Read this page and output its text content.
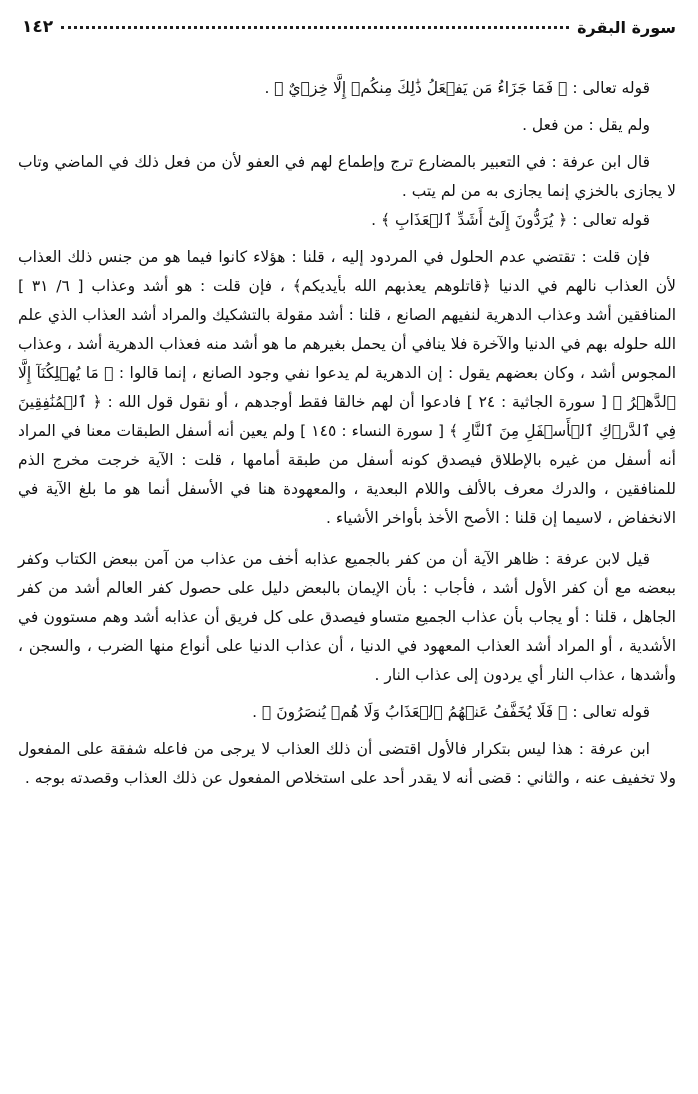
سورة البقرة
١٤٢

قوله تعالى : ﴿ فَمَا جَزَاءُ مَن يَفۡعَلُ ذَٰلِكَ مِنكُمۡ إِلَّا خِزۡيٌ ﴾ .

ولم يقل : من فعل .

قال ابن عرفة : في التعبير بالمضارع ترج وإطماع لهم في العفو لأن من فعل ذلك في الماضي وتاب لا يجازى بالخزي إنما يجازى به من لم يتب .

قوله تعالى : ﴿ يُرَدُّونَ إِلَىٰٓ أَشَدِّ ٱلۡعَذَابِ ﴾ .

فإن قلت : تقتضي عدم الحلول في المردود إليه ، قلنا : هؤلاء كانوا فيما هو من جنس ذلك العذاب لأن العذاب نالهم في الدنيا ﴿قاتلوهم يعذبهم الله بأيديكم﴾ ، فإن قلت : هو أشد وعذاب [ ٦/ ٣١ ] المنافقين أشد وعذاب الدهرية لنفيهم الصانع ، قلنا : أشد مقولة بالتشكيك والمراد أشد العذاب الذي علم الله حلوله بهم في الدنيا والآخرة فلا ينافي أن يحمل بغيرهم ما هو أشد منه فعذاب الدهرية أشد ، وعذاب المجوس أشد ، وكان بعضهم يقول : إن الدهرية لم يدعوا نفي وجود الصانع ، إنما قالوا : ﴿ مَا يُهۡلِكُنَآ إِلَّا ٱلدَّهۡرُ ﴾ [ سورة الجاثية : ٢٤ ] فادعوا أن لهم خالقا فقط أوجدهم ، أو نقول قول الله : ﴿ ٱلۡمُنَٰفِقِينَ فِي ٱلدَّرۡكِ ٱلۡأَسۡفَلِ مِنَ ٱلنَّارِ ﴾ [ سورة النساء : ١٤٥ ] ولم يعين أنه أسفل الطبقات معنا في المراد أنه أسفل من غيره بالإطلاق فيصدق كونه أسفل من طبقة أمامها ، قلت : الآية خرجت مخرج الذم للمنافقين ، والدرك معرف بالألف واللام البعدية ، والمعهودة هنا في الأسفل أنما هو ما بلغ الآية في الانخفاض ، لاسيما إن قلنا : الأصح الأخذ بأواخر الأشياء .

قيل لابن عرفة : ظاهر الآية أن من كفر بالجميع عذابه أخف من عذاب من آمن ببعض الكتاب وكفر ببعضه مع أن كفر الأول أشد ، فأجاب : بأن الإيمان بالبعض دليل على حصول كفر العالم أشد من كفر الجاهل ، قلنا : أو يجاب بأن عذاب الجميع متساو فيصدق على كل فريق أن عذابه أشد وهم مستوون في الأشدية ، أو المراد أشد العذاب المعهود في الدنيا ، أن عذاب الدنيا على أنواع منها الضرب ، والسجن ، وأشدها ، عذاب النار أي يردون إلى عذاب النار .

قوله تعالى : ﴿ فَلَا يُخَفَّفُ عَنۡهُمُ ٱلۡعَذَابُ وَلَا هُمۡ يُنصَرُونَ ﴾ .

ابن عرفة : هذا ليس بتكرار فالأول اقتضى أن ذلك العذاب لا يرجى من فاعله شفقة على المفعول ولا تخفيف عنه ، والثاني : قضى أنه لا يقدر أحد على استخلاص المفعول عن ذلك العذاب وقصدته بوجه .
